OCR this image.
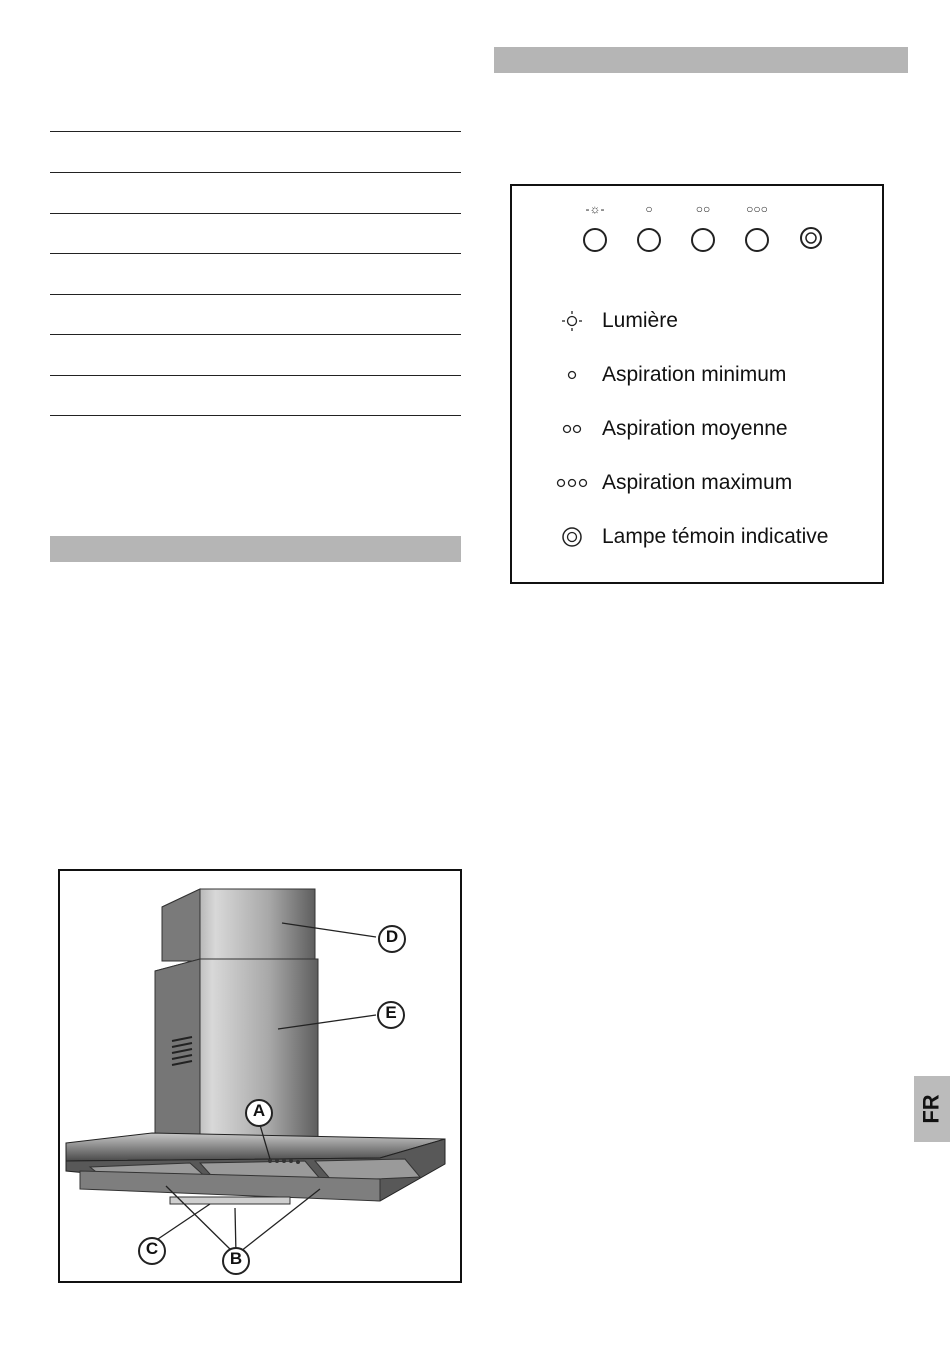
-☼-	○	○○	○○○
Lumière
Aspiration minimum
Aspiration moyenne
Aspiration maximum
Lampe témoin indicative
D
E
A
B
C
FR
